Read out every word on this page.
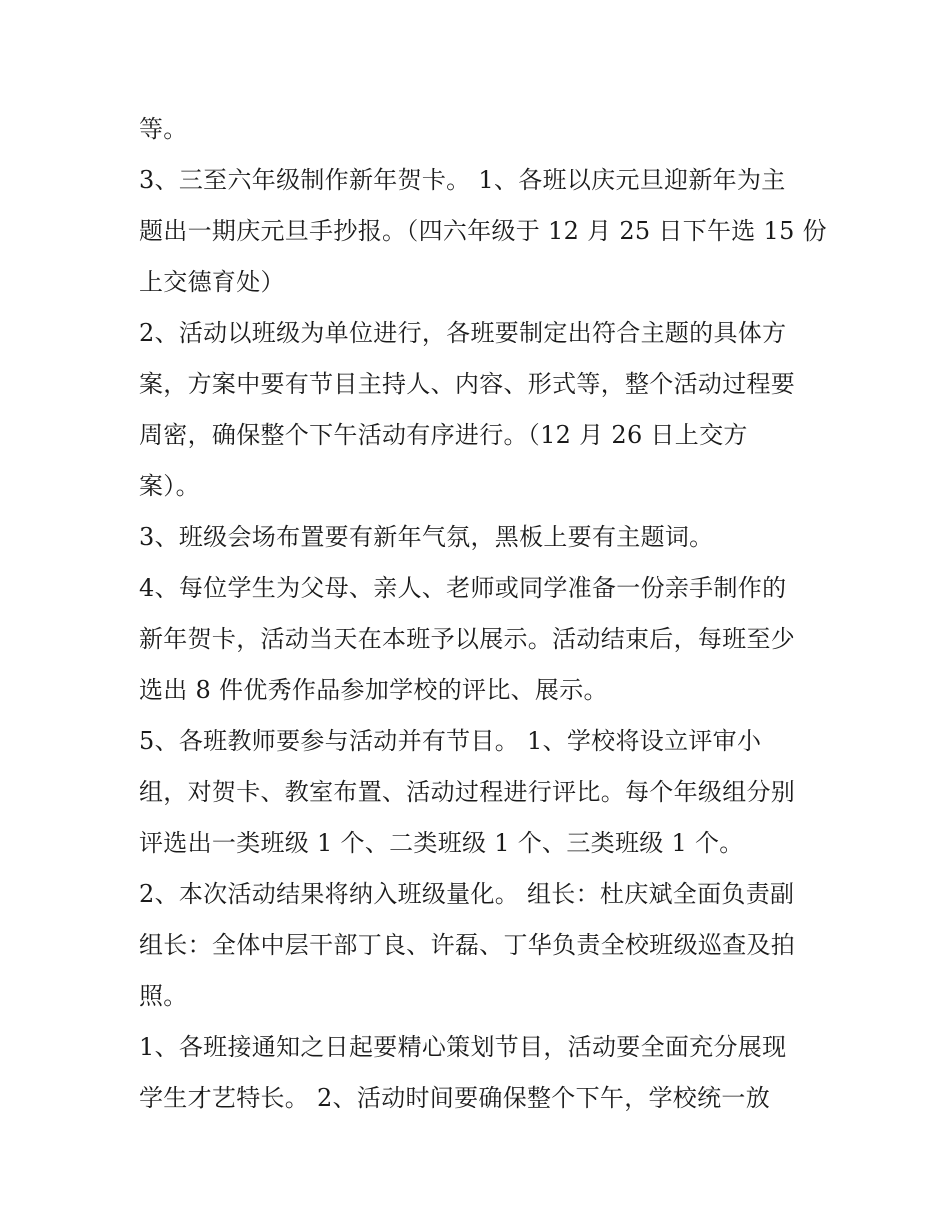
等。
3、三至六年级制作新年贺卡。 1、各班以庆元旦迎新年为主
题出一期庆元旦手抄报。（四六年级于 12 月 25 日下午选 15 份
上交德育处）
2、活动以班级为单位进行，各班要制定出符合主题的具体方
案，方案中要有节目主持人、内容、形式等，整个活动过程要
周密，确保整个下午活动有序进行。（12 月 26 日上交方
案）。
3、班级会场布置要有新年气氛，黑板上要有主题词。
4、每位学生为父母、亲人、老师或同学准备一份亲手制作的
新年贺卡，活动当天在本班予以展示。活动结束后，每班至少
选出 8 件优秀作品参加学校的评比、展示。
5、各班教师要参与活动并有节目。 1、学校将设立评审小
组，对贺卡、教室布置、活动过程进行评比。每个年级组分别
评选出一类班级 1 个、二类班级 1 个、三类班级 1 个。
2、本次活动结果将纳入班级量化。 组长：杜庆斌全面负责副
组长：全体中层干部丁良、许磊、丁华负责全校班级巡查及拍
照。
1、各班接通知之日起要精心策划节目，活动要全面充分展现
学生才艺特长。 2、活动时间要确保整个下午，学校统一放
